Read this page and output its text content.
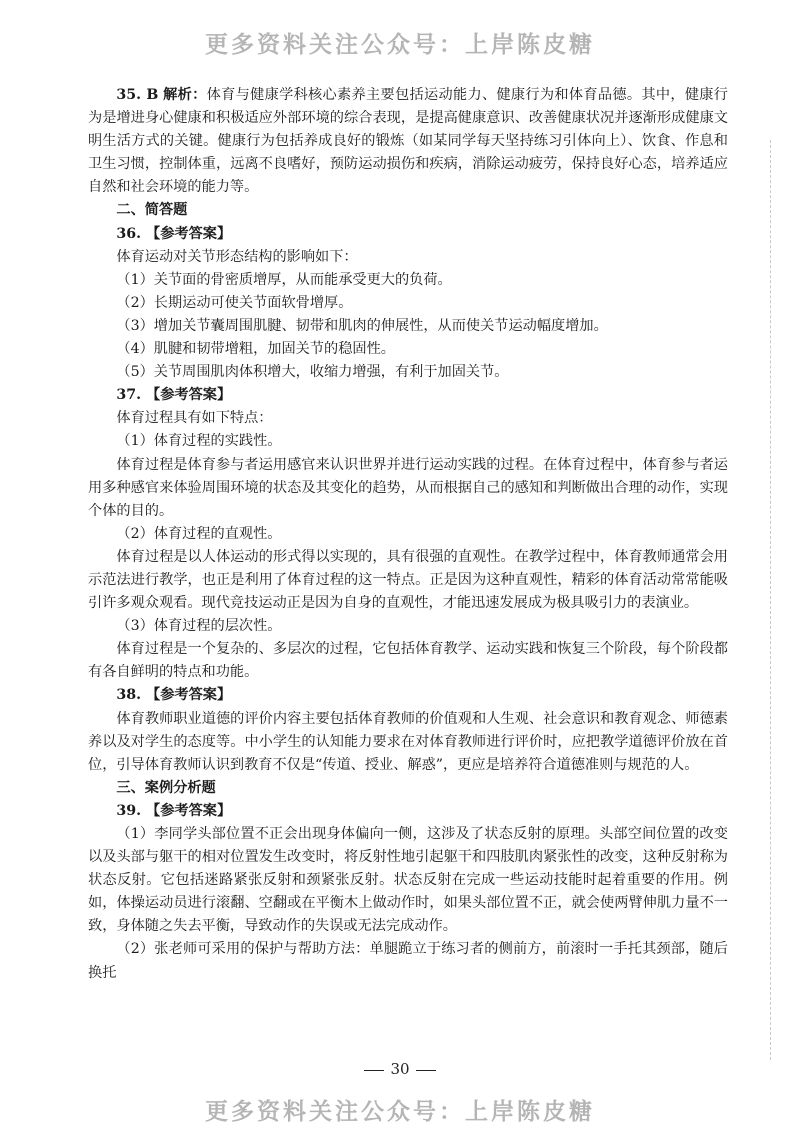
更多资料关注公众号：上岸陈皮糖

35. B 解析：体育与健康学科核心素养主要包括运动能力、健康行为和体育品德。其中，健康行为是增进身心健康和积极适应外部环境的综合表现，是提高健康意识、改善健康状况并逐渐形成健康文明生活方式的关键。健康行为包括养成良好的锻炼（如某同学每天坚持练习引体向上）、饮食、作息和卫生习惯，控制体重，远离不良嗜好，预防运动损伤和疾病，消除运动疲劳，保持良好心态，培养适应自然和社会环境的能力等。

二、简答题

36. 【参考答案】

体育运动对关节形态结构的影响如下：

（1）关节面的骨密质增厚，从而能承受更大的负荷。

（2）长期运动可使关节面软骨增厚。

（3）增加关节囊周围肌腱、韧带和肌肉的伸展性，从而使关节运动幅度增加。

（4）肌腱和韧带增粗，加固关节的稳固性。

（5）关节周围肌肉体积增大，收缩力增强，有利于加固关节。

37. 【参考答案】

体育过程具有如下特点：

（1）体育过程的实践性。

体育过程是体育参与者运用感官来认识世界并进行运动实践的过程。在体育过程中，体育参与者运用多种感官来体验周围环境的状态及其变化的趋势，从而根据自己的感知和判断做出合理的动作，实现个体的目的。

（2）体育过程的直观性。

体育过程是以人体运动的形式得以实现的，具有很强的直观性。在教学过程中，体育教师通常会用示范法进行教学，也正是利用了体育过程的这一特点。正是因为这种直观性，精彩的体育活动常常能吸引许多观众观看。现代竞技运动正是因为自身的直观性，才能迅速发展成为极具吸引力的表演业。

（3）体育过程的层次性。

体育过程是一个复杂的、多层次的过程，它包括体育教学、运动实践和恢复三个阶段，每个阶段都有各自鲜明的特点和功能。

38. 【参考答案】

体育教师职业道德的评价内容主要包括体育教师的价值观和人生观、社会意识和教育观念、师德素养以及对学生的态度等。中小学生的认知能力要求在对体育教师进行评价时，应把教学道德评价放在首位，引导体育教师认识到教育不仅是“传道、授业、解惑”，更应是培养符合道德准则与规范的人。

三、案例分析题

39. 【参考答案】

（1）李同学头部位置不正会出现身体偏向一侧，这涉及了状态反射的原理。头部空间位置的改变以及头部与躯干的相对位置发生改变时，将反射性地引起躯干和四肢肌肉紧张性的改变，这种反射称为状态反射。它包括迷路紧张反射和颈紧张反射。状态反射在完成一些运动技能时起着重要的作用。例如，体操运动员进行滚翻、空翻或在平衡木上做动作时，如果头部位置不正，就会使两臂伸肌力量不一致，身体随之失去平衡，导致动作的失误或无法完成动作。

（2）张老师可采用的保护与帮助方法：单腿跪立于练习者的侧前方，前滚时一手托其颈部，随后换托

30
更多资料关注公众号：上岸陈皮糖
